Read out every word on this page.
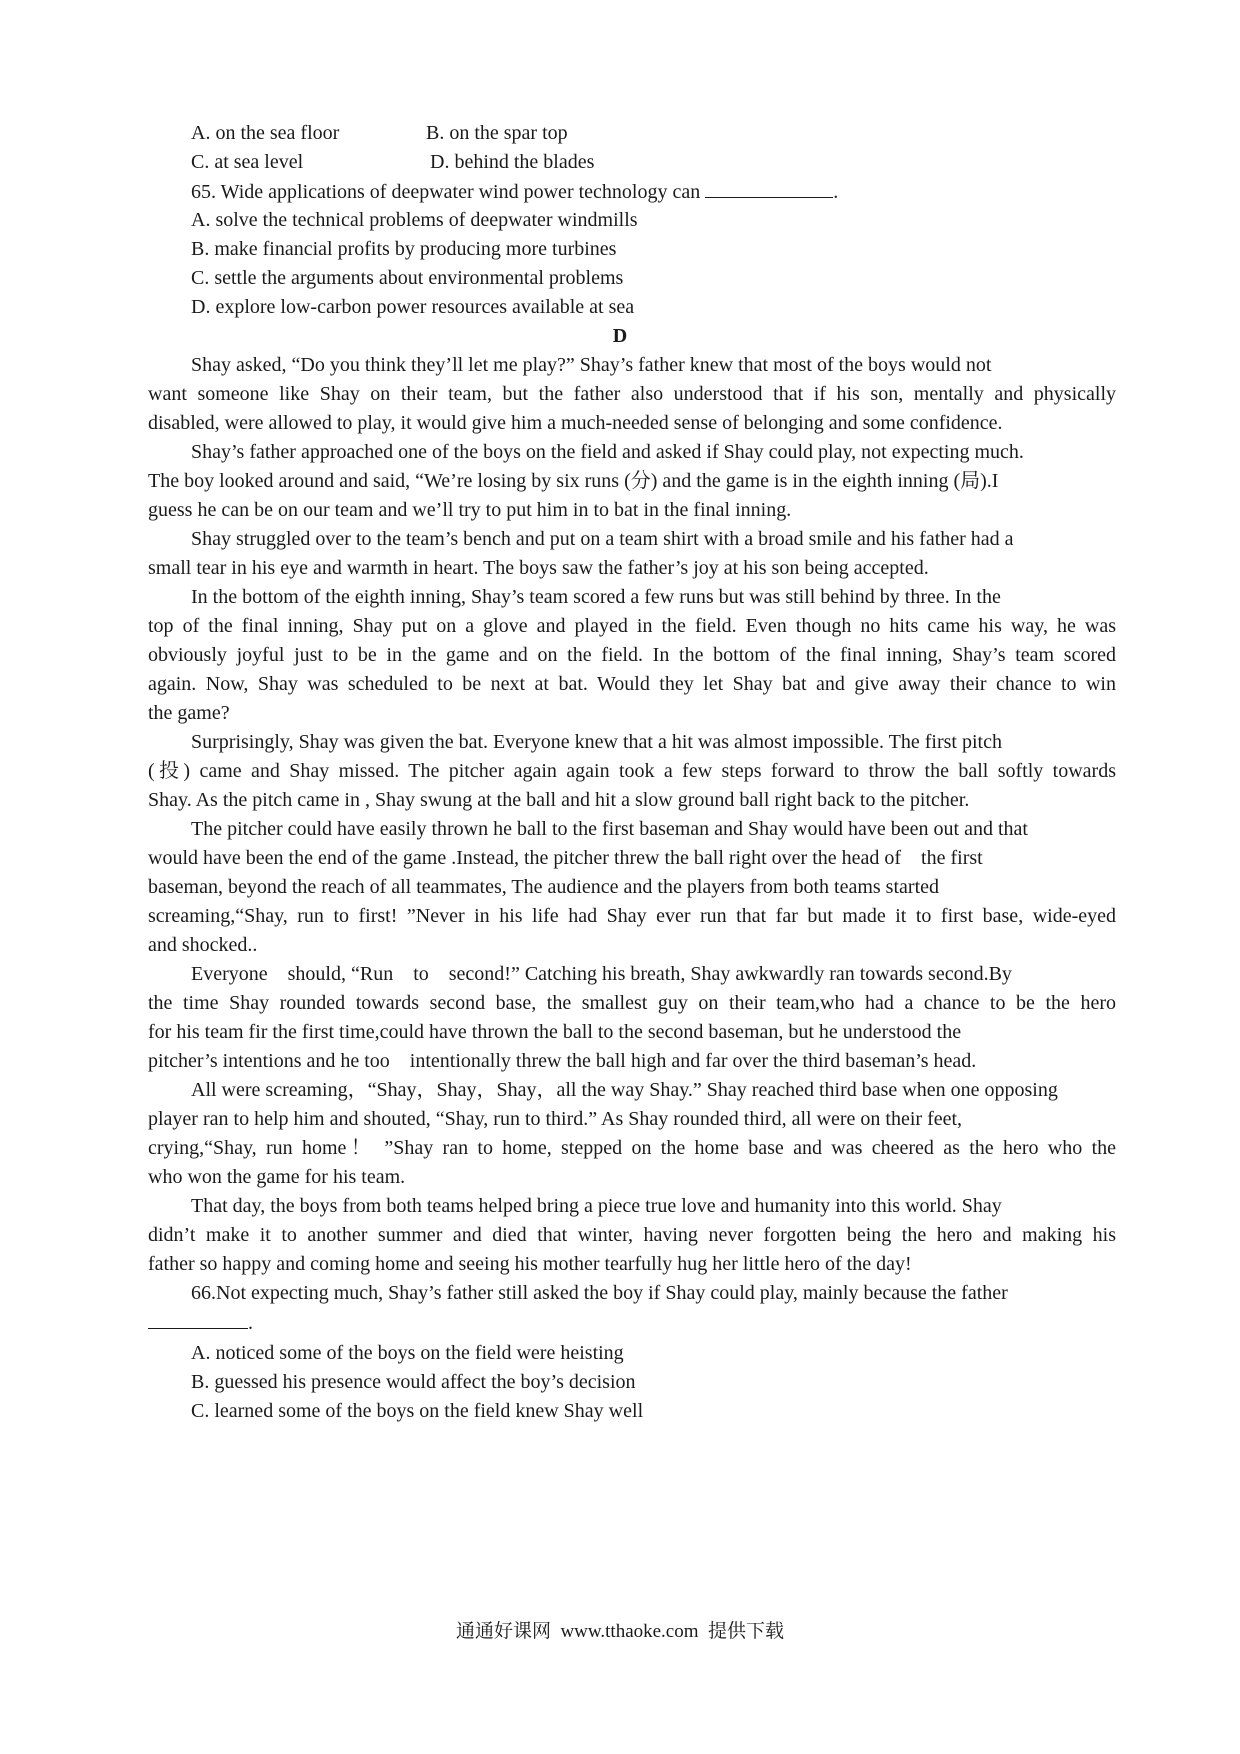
A. on the sea floor	B. on the spar top
C. at sea level	D. behind the blades
65. Wide applications of deepwater wind power technology can	.
A. solve the technical problems of deepwater windmills
B. make financial profits by producing more turbines
C. settle the arguments about environmental problems
D. explore low-carbon power resources available at sea
D
Shay asked, “Do you think they’ll let me play?” Shay’s father knew that most of the boys would not
want someone like Shay on their team, but the father also understood that if his son, mentally and physically
disabled, were allowed to play, it would give him a much-needed sense of belonging and some confidence.
Shay’s father approached one of the boys on the field and asked if Shay could play, not expecting much.
The boy looked around and said, “We’re losing by six runs (分) and the game is in the eighth inning (局).I
guess he can be on our team and we’ll try to put him in to bat in the final inning.
Shay struggled over to the team’s bench and put on a team shirt with a broad smile and his father had a
small tear in his eye and warmth in heart. The boys saw the father’s joy at his son being accepted.
In the bottom of the eighth inning, Shay’s team scored a few runs but was still behind by three. In the
top of the final inning, Shay put on a glove and played in the field. Even though no hits came his way, he was
obviously joyful just to be in the game and on the field. In the bottom of the final inning, Shay’s team scored
again. Now, Shay was scheduled to be next at bat. Would they let Shay bat and give away their chance to win
the game?
Surprisingly, Shay was given the bat. Everyone knew that a hit was almost impossible. The first pitch
(投) came and Shay missed. The pitcher again again took a few steps forward to throw the ball softly towards
Shay. As the pitch came in , Shay swung at the ball and hit a slow ground ball right back to the pitcher.
The pitcher could have easily thrown he ball to the first baseman and Shay would have been out and that
would have been the end of the game .Instead, the pitcher threw the ball right over the head of    the first
baseman, beyond the reach of all teammates, The audience and the players from both teams started
screaming,“Shay, run to first! ”Never in his life had Shay ever run that far but made it to first base, wide-eyed
and shocked..
Everyone    should, “Run    to    second!” Catching his breath, Shay awkwardly ran towards second.By
the time Shay rounded towards second base, the smallest guy on their team,who had a chance to be the hero
for his team fir the first time,could have thrown the ball to the second baseman, but he understood the
pitcher’s intentions and he too    intentionally threw the ball high and far over the third baseman’s head.
All were screaming，“Shay，Shay，Shay，all the way Shay.” Shay reached third base when one opposing
player ran to help him and shouted, “Shay, run to third.” As Shay rounded third, all were on their feet,
crying,“Shay, run home！ ”Shay ran to home, stepped on the home base and was cheered as the hero who the
who won the game for his team.
That day, the boys from both teams helped bring a piece true love and humanity into this world. Shay
didn’t make it to another summer and died that winter, having never forgotten being the hero and making his
father so happy and coming home and seeing his mother tearfully hug her little hero of the day!
66.Not expecting much, Shay’s father still asked the boy if Shay could play, mainly because the father
.
A. noticed some of the boys on the field were heisting
B. guessed his presence would affect the boy’s decision
C. learned some of the boys on the field knew Shay well
通通好课网  www.tthaoke.com  提供下载
